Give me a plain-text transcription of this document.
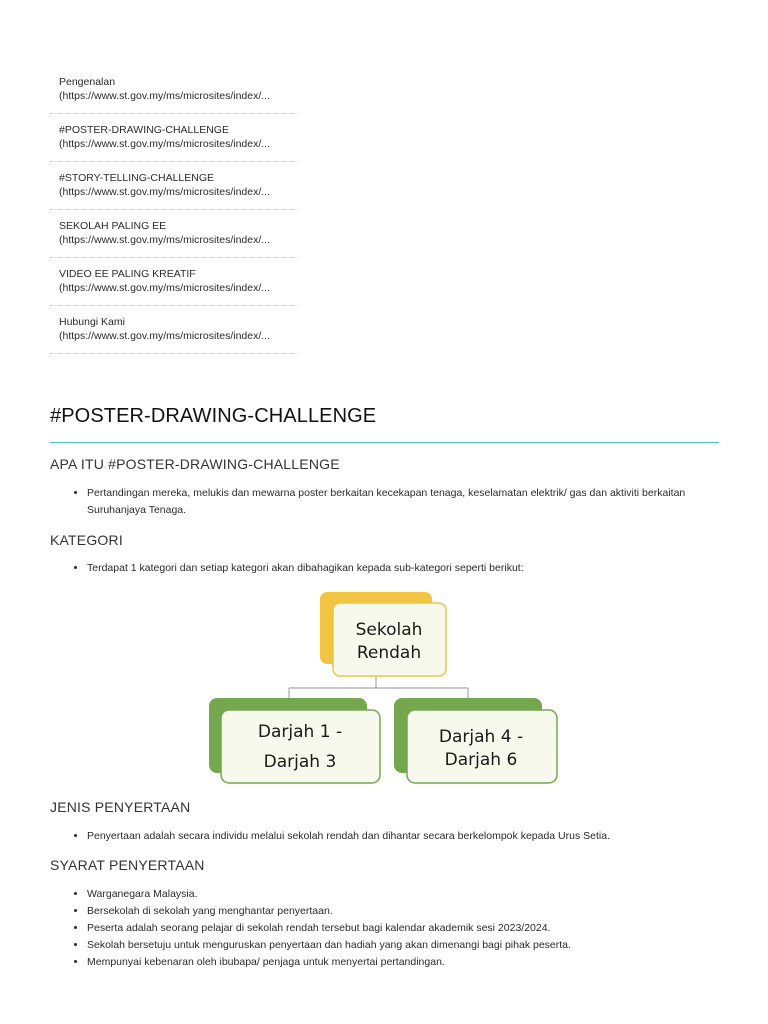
Pengenalan
(https://www.st.gov.my/ms/microsites/index/...
#POSTER-DRAWING-CHALLENGE
(https://www.st.gov.my/ms/microsites/index/...
#STORY-TELLING-CHALLENGE
(https://www.st.gov.my/ms/microsites/index/...
SEKOLAH PALING EE
(https://www.st.gov.my/ms/microsites/index/...
VIDEO EE PALING KREATIF
(https://www.st.gov.my/ms/microsites/index/...
Hubungi Kami
(https://www.st.gov.my/ms/microsites/index/...
#POSTER-DRAWING-CHALLENGE
APA ITU #POSTER-DRAWING-CHALLENGE
• Pertandingan mereka, melukis dan mewarna poster berkaitan kecekapan tenaga, keselamatan elektrik/ gas dan aktiviti berkaitan Suruhanjaya Tenaga.
KATEGORI
• Terdapat 1 kategori dan setiap kategori akan dibahagikan kepada sub-kategori seperti berikut:
Sekolah
Rendah
Darjah 1 -
Darjah 3
Darjah 4 -
Darjah 6
JENIS PENYERTAAN
• Penyertaan adalah secara individu melalui sekolah rendah dan dihantar secara berkelompok kepada Urus Setia.
SYARAT PENYERTAAN
• Warganegara Malaysia.
• Bersekolah di sekolah yang menghantar penyertaan.
• Peserta adalah seorang pelajar di sekolah rendah tersebut bagi kalendar akademik sesi 2023/2024.
• Sekolah bersetuju untuk menguruskan penyertaan dan hadiah yang akan dimenangi bagi pihak peserta.
• Mempunyai kebenaran oleh ibubapa/ penjaga untuk menyertai pertandingan.
